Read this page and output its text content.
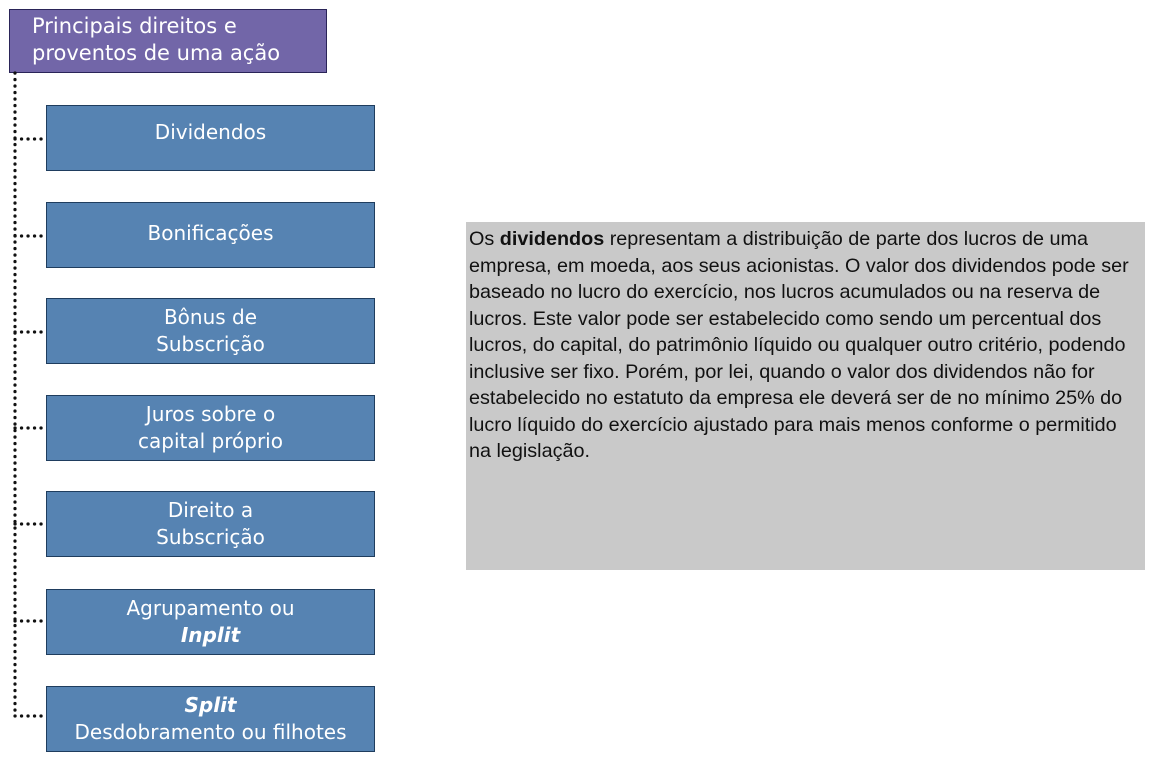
Principais direitos e
proventos de uma ação
Dividendos
Bonificações
Bônus de
Subscrição
Juros sobre o
capital próprio
Direito a
Subscrição
Agrupamento ou
Inplit
Split
Desdobramento ou filhotes
Os dividendos representam a distribuição de parte dos lucros de uma empresa, em moeda, aos seus acionistas. O valor dos dividendos pode ser baseado no lucro do exercício, nos lucros acumulados ou na reserva de lucros. Este valor pode ser estabelecido como sendo um percentual dos lucros, do capital, do patrimônio líquido ou qualquer outro critério, podendo inclusive ser fixo. Porém, por lei, quando o valor dos dividendos não for estabelecido no estatuto da empresa ele deverá ser de no mínimo 25% do lucro líquido do exercício ajustado para mais menos conforme o permitido na legislação.
